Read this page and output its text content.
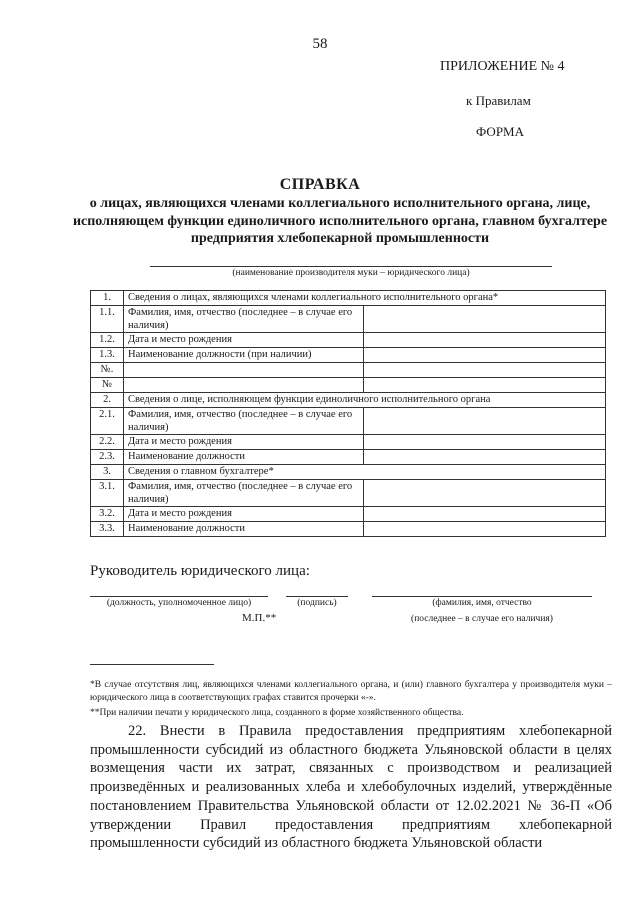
58
ПРИЛОЖЕНИЕ № 4
к Правилам
ФОРМА
СПРАВКА
о лицах, являющихся членами коллегиального исполнительного органа, лице, исполняющем функции единоличного исполнительного органа, главном бухгалтере предприятия хлебопекарной промышленности
(наименование производителя муки – юридического лица)
1.	Сведения о лицах, являющихся членами коллегиального исполнительного органа*	
1.1.	Фамилия, имя, отчество (последнее – в случае его наличия)	
1.2.	Дата и место рождения	
1.3.	Наименование должности (при наличии)	
№.		
№		
2.	Сведения о лице, исполняющем функции единоличного исполнительного органа	
2.1.	Фамилия, имя, отчество (последнее – в случае его наличия)	
2.2.	Дата и место рождения	
2.3.	Наименование должности	
3.	Сведения о главном бухгалтере*	
3.1.	Фамилия, имя, отчество (последнее – в случае его наличия)	
3.2.	Дата и место рождения	
3.3.	Наименование должности	
Руководитель юридического лица:
(должность, уполномоченное лицо)	(подпись)	(фамилия, имя, отчество
(последнее – в случае его наличия)
М.П.**
*В случае отсутствия лиц, являющихся членами коллегиального органа, и (или) главного бухгалтера у производителя муки – юридического лица в соответствующих графах ставится прочерки «-».
**При наличии печати у юридического лица, созданного в форме хозяйственного общества.
22. Внести в Правила предоставления предприятиям хлебопекарной промышленности субсидий из областного бюджета Ульяновской области в целях возмещения части их затрат, связанных с производством и реализацией произведённых и реализованных хлеба и хлебобулочных изделий, утверждённые постановлением Правительства Ульяновской области от 12.02.2021 № 36-П «Об утверждении Правил предоставления предприятиям хлебопекарной промышленности субсидий из областного бюджета Ульяновской области
